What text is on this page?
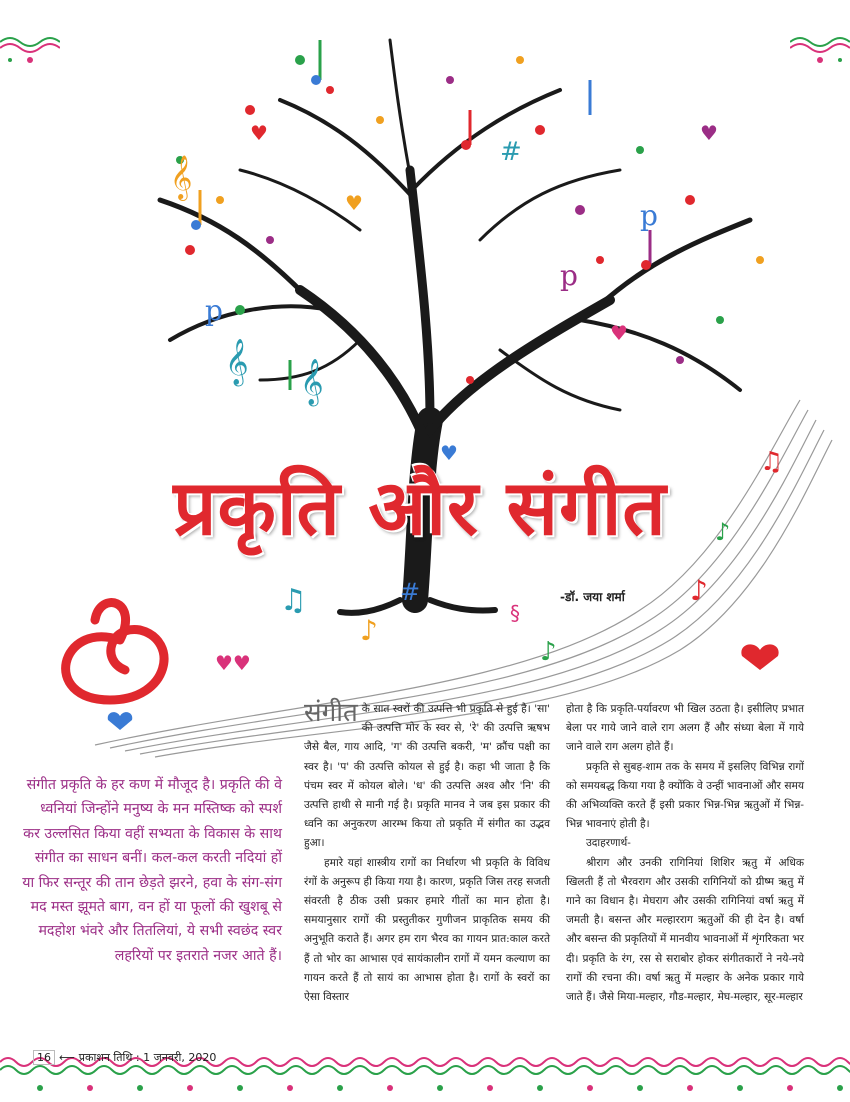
𝄞
𝄞
𝄞
p
p
p
#
#
♪
♫	♪
♪
♫
♪
§
♥♥
♥	♥
♥
♥
♥
प्रकृति और संगीत
-डॉ. जया शर्मा
संगीत प्रकृति के हर कण में मौजूद है। प्रकृति की वे ध्वनियां जिन्होंने मनुष्य के मन मस्तिष्क को स्पर्श कर उल्लसित किया वहीं सभ्यता के विकास के साथ संगीत का साधन बनीं। कल-कल करती नदियां हों या फिर सन्तूर की तान छेड़ते झरने, हवा के संग-संग मद मस्त झूमते बाग, वन हों या फूलों की खुशबू से मदहोश भंवरे और तितलियां, ये सभी स्वछंद स्वर लहरियों पर इतराते नजर आते हैं।
संगीत के सात स्वरों की उत्पत्ति भी प्रकृति से हुई है। 'सा' की उत्पत्ति मोर के स्वर से, 'रे' की उत्पत्ति ऋषभ जैसे बैल, गाय आदि, 'ग' की उत्पत्ति बकरी, 'म' क्रौंच पक्षी का स्वर है। 'प' की उत्पत्ति कोयल से हुई है। कहा भी जाता है कि पंचम स्वर में कोयल बोले। 'ध' की उत्पत्ति अश्व और 'नि' की उत्पत्ति हाथी से मानी गई है। प्रकृति मानव ने जब इस प्रकार की ध्वनि का अनुकरण आरम्भ किया तो प्रकृति में संगीत का उद्भव हुआ।

हमारे यहां शास्त्रीय रागों का निर्धारण भी प्रकृति के विविध रंगों के अनुरूप ही किया गया है। कारण, प्रकृति जिस तरह सजती संवरती है ठीक उसी प्रकार हमारे गीतों का मान होता है। समयानुसार रागों की प्रस्तुतीकर गुणीजन प्राकृतिक समय की अनुभूति कराते हैं। अगर हम राग भैरव का गायन प्रात:काल करते हैं तो भोर का आभास एवं सायंकालीन रागों में यमन कल्याण का गायन करते हैं तो सायं का आभास होता है। रागों के स्वरों का ऐसा विस्तार

होता है कि प्रकृति-पर्यावरण भी खिल उठता है। इसीलिए प्रभात बेला पर गाये जाने वाले राग अलग हैं और संध्या बेला में गाये जाने वाले राग अलग होते हैं।

प्रकृति से सुबह-शाम तक के समय में इसलिए विभिन्न रागों को समयबद्ध किया गया है क्योंकि वे उन्हीं भावनाओं और समय की अभिव्यक्ति करते हैं इसी प्रकार भिन्न-भिन्न ऋतुओं में भिन्न-भिन्न भावनाएं होती है।

उदाहरणार्थ-

श्रीराग और उनकी रागिनियां शिशिर ऋतु में अधिक खिलती हैं तो भैरवराग और उसकी रागिनियों को ग्रीष्म ऋतु में गाने का विधान है। मेघराग और उसकी रागिनियां वर्षा ऋतु में जमती है। बसन्त और मल्हारराग ऋतुओं की ही देन है। वर्षा और बसन्त की प्रकृतियों में मानवीय भावनाओं में शृंगरिकता भर दी। प्रकृति के रंग, रस से सराबोर होकर संगीतकारों ने नये-नये रागों की रचना की। वर्षा ऋतु में मल्हार के अनेक प्रकार गाये जाते हैं। जैसे मिया-मल्हार, गौड-मल्हार, मेघ-मल्हार, सूर-मल्हार

16 ⟵ प्रकाशन तिथि : 1 जनवरी, 2020
